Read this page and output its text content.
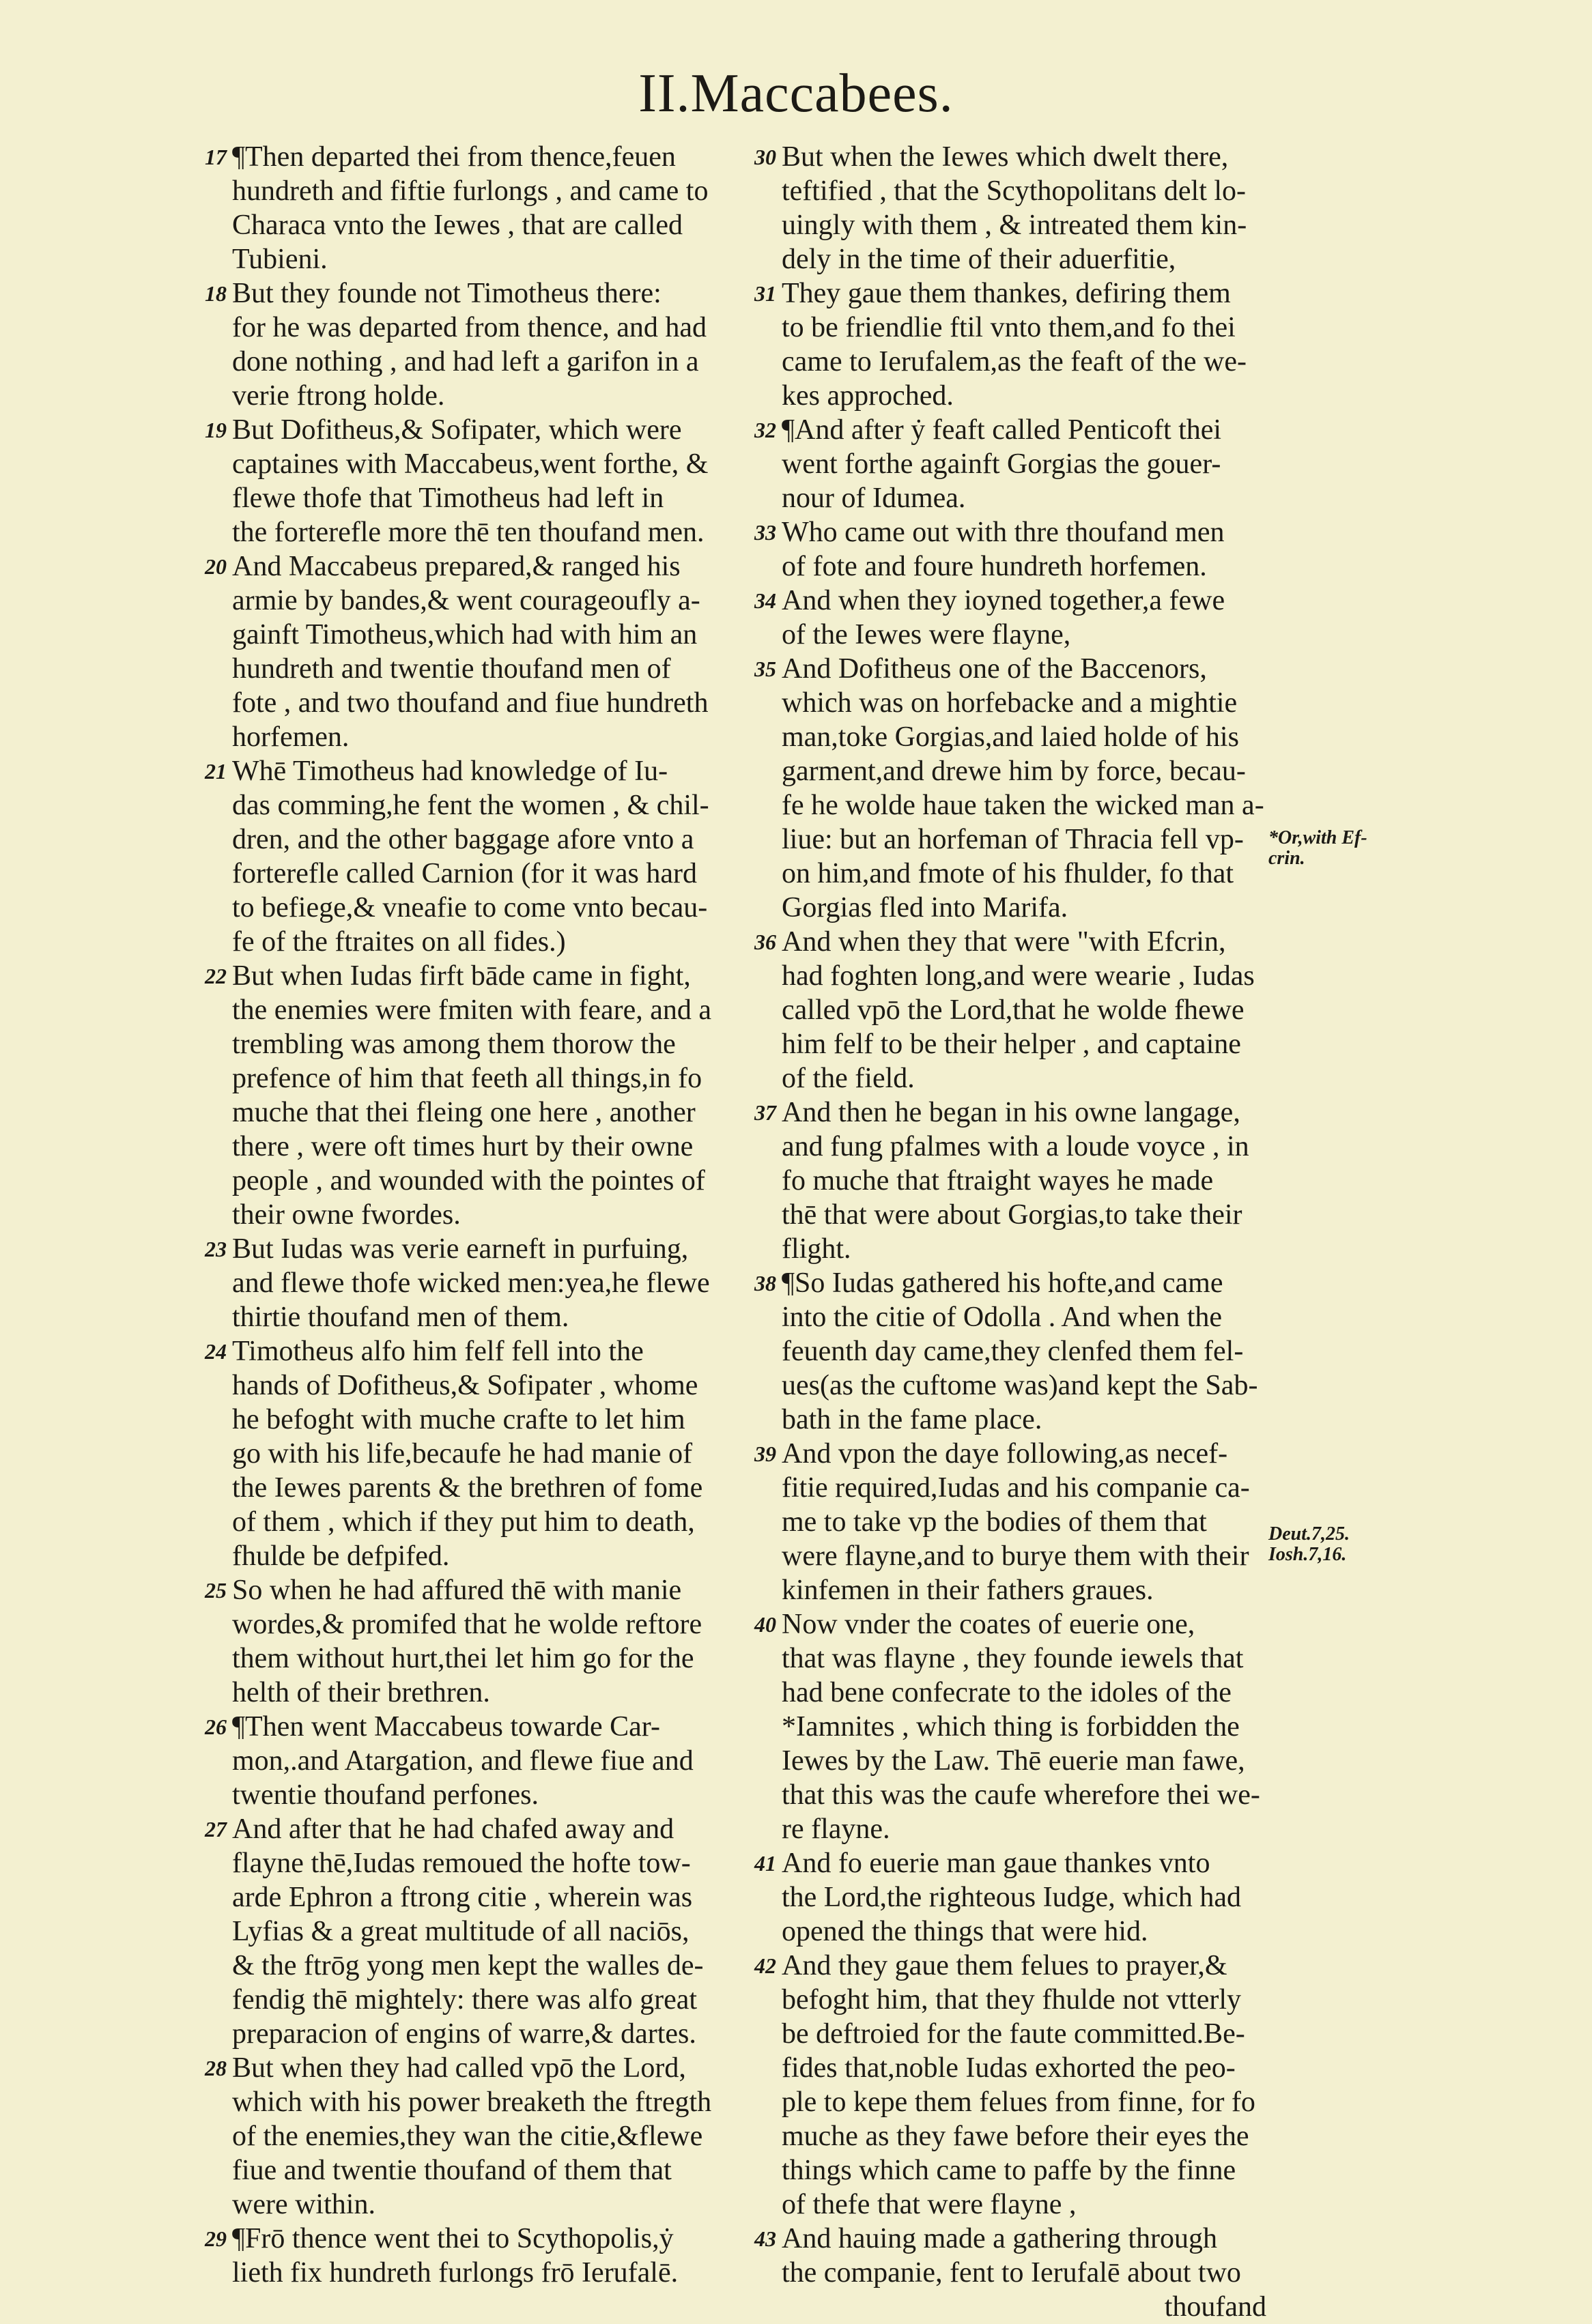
II.Maccabees.
17 ¶Then departed thei from thence,feuen
hundreth and fiftie furlongs , and came to
Characa vnto the Iewes , that are called
Tubieni.
18 But they founde not Timotheus there:
for he was departed from thence, and had
done nothing , and had left a garifon in a
verie ftrong holde.
19 But Dofitheus,& Sofipater, which were
captaines with Maccabeus,went forthe, &
flewe thofe that Timotheus had left in
the forterefle more thē ten thoufand men.
20 And Maccabeus prepared,& ranged his
armie by bandes,& went courageoufly a-
gainft Timotheus,which had with him an
hundreth and twentie thoufand men of
fote , and two thoufand and fiue hundreth
horfemen.
21 Whē Timotheus had knowledge of Iu-
das comming,he fent the women , & chil-
dren, and the other baggage afore vnto a
forterefle called Carnion (for it was hard
to befiege,& vneafie to come vnto becau-
fe of the ftraites on all fides.)
22 But when Iudas firft bāde came in fight,
the enemies were fmiten with feare, and a
trembling was among them thorow the
prefence of him that feeth all things,in fo
muche that thei fleing one here , another
there , were oft times hurt by their owne
people , and wounded with the pointes of
their owne fwordes.
23 But Iudas was verie earneft in purfuing,
and flewe thofe wicked men:yea,he flewe
thirtie thoufand men of them.
24 Timotheus alfo him felf fell into the
hands of Dofitheus,& Sofipater , whome
he befoght with muche crafte to let him
go with his life,becaufe he had manie of
the Iewes parents & the brethren of fome
of them , which if they put him to death,
fhulde be defpifed.
25 So when he had affured thē with manie
wordes,& promifed that he wolde reftore
them without hurt,thei let him go for the
helth of their brethren.
26 ¶Then went Maccabeus towarde Car-
mon,.and Atargation, and flewe fiue and
twentie thoufand perfones.
27 And after that he had chafed away and
flayne thē,Iudas remoued the hofte tow-
arde Ephron a ftrong citie , wherein was
Lyfias & a great multitude of all naciōs,
& the ftrōg yong men kept the walles de-
fendig thē mightely: there was alfo great
preparacion of engins of warre,& dartes.
28 But when they had called vpō the Lord,
which with his power breaketh the ftregth
of the enemies,they wan the citie,&flewe
fiue and twentie thoufand of them that
were within.
29 ¶Frō thence went thei to Scythopolis,ẏ
lieth fix hundreth furlongs frō Ierufalē.
30 But when the Iewes which dwelt there,
teftified , that the Scythopolitans delt lo-
uingly with them , & intreated them kin-
dely in the time of their aduerfitie,
31 They gaue them thankes, defiring them
to be friendlie ftil vnto them,and fo thei
came to Ierufalem,as the feaft of the we-
kes approched.
32 ¶And after ẏ feaft called Penticoft thei
went forthe againft Gorgias the gouer-
nour of Idumea.
33 Who came out with thre thoufand men
of fote and foure hundreth horfemen.
34 And when they ioyned together,a fewe
of the Iewes were flayne,
35 And Dofitheus one of the Baccenors,
which was on horfebacke and a mightie
man,toke Gorgias,and laied holde of his
garment,and drewe him by force, becau-
fe he wolde haue taken the wicked man a-
liue: but an horfeman of Thracia fell vp-
on him,and fmote of his fhulder, fo that
Gorgias fled into Marifa.
36 And when they that were "with Efcrin,
had foghten long,and were wearie , Iudas
called vpō the Lord,that he wolde fhewe
him felf to be their helper , and captaine
of the field.
37 And then he began in his owne langage,
and fung pfalmes with a loude voyce , in
fo muche that ftraight wayes he made
thē that were about Gorgias,to take their
flight.
38 ¶So Iudas gathered his hofte,and came
into the citie of Odolla . And when the
feuenth day came,they clenfed them fel-
ues(as the cuftome was)and kept the Sab-
bath in the fame place.
39 And vpon the daye following,as necef-
fitie required,Iudas and his companie ca-
me to take vp the bodies of them that
were flayne,and to burye them with their
kinfemen in their fathers graues.
40 Now vnder the coates of euerie one,
that was flayne , they founde iewels that
had bene confecrate to the idoles of the
*Iamnites , which thing is forbidden the
Iewes by the Law. Thē euerie man fawe,
that this was the caufe wherefore thei we-
re flayne.
41 And fo euerie man gaue thankes vnto
the Lord,the righteous Iudge, which had
opened the things that were hid.
42 And they gaue them felues to prayer,&
befoght him, that they fhulde not vtterly
be deftroied for the faute committed.Be-
fides that,noble Iudas exhorted the peo-
ple to kepe them felues from finne, for fo
muche as they fawe before their eyes the
things which came to paffe by the finne
of thefe that were flayne ,
43 And hauing made a gathering through
the companie, fent to Ierufalē about two
thoufand
*Or,with Ef-
crin.
Deut.7,25.
Iosh.7,16.
